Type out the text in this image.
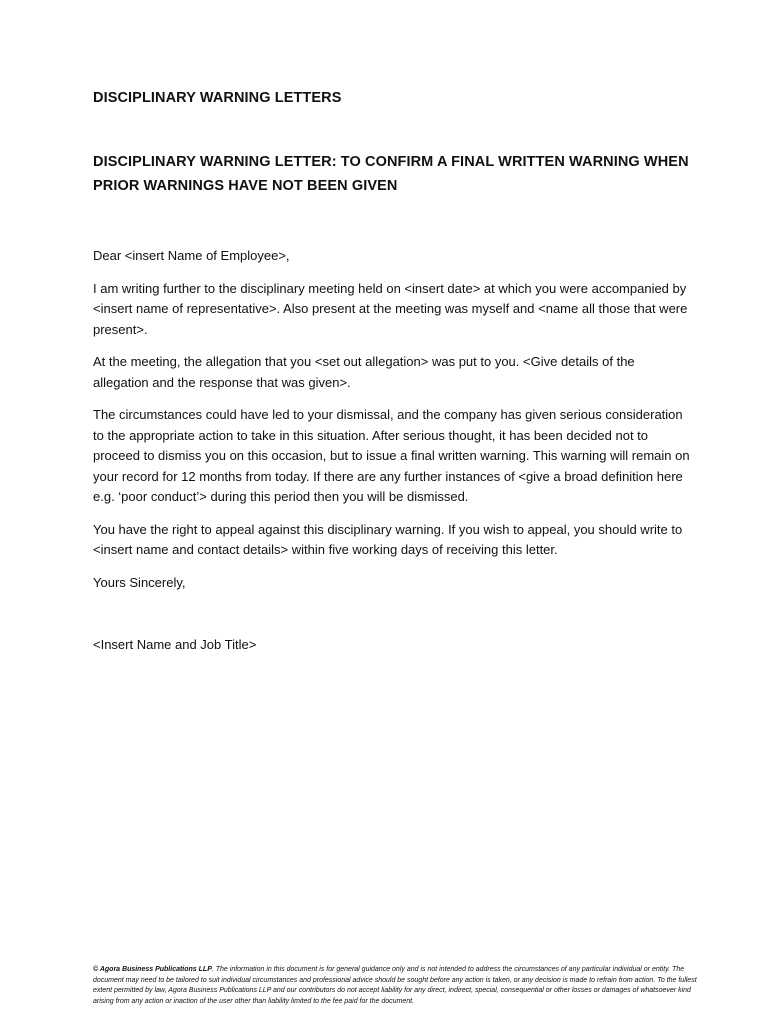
DISCIPLINARY WARNING LETTERS
DISCIPLINARY WARNING LETTER: TO CONFIRM A FINAL WRITTEN WARNING WHEN PRIOR WARNINGS HAVE NOT BEEN GIVEN

Dear <insert Name of Employee>,

I am writing further to the disciplinary meeting held on <insert date> at which you were accompanied by <insert name of representative>. Also present at the meeting was myself and <name all those that were present>.

At the meeting, the allegation that you <set out allegation> was put to you. <Give details of the allegation and the response that was given>.

The circumstances could have led to your dismissal, and the company has given serious consideration to the appropriate action to take in this situation. After serious thought, it has been decided not to proceed to dismiss you on this occasion, but to issue a final written warning. This warning will remain on your record for 12 months from today. If there are any further instances of <give a broad definition here e.g. ‘poor conduct’> during this period then you will be dismissed.

You have the right to appeal against this disciplinary warning. If you wish to appeal, you should write to <insert name and contact details> within five working days of receiving this letter.

Yours Sincerely,

<Insert Name and Job Title>

© Agora Business Publications LLP. The information in this document is for general guidance only and is not intended to address the circumstances of any particular individual or entity. The document may need to be tailored to suit individual circumstances and professional advice should be sought before any action is taken, or any decision is made to refrain from action. To the fullest extent permitted by law, Agora Business Publications LLP and our contributors do not accept liability for any direct, indirect, special, consequential or other losses or damages of whatsoever kind arising from any action or inaction of the user other than liability limited to the fee paid for the document.
